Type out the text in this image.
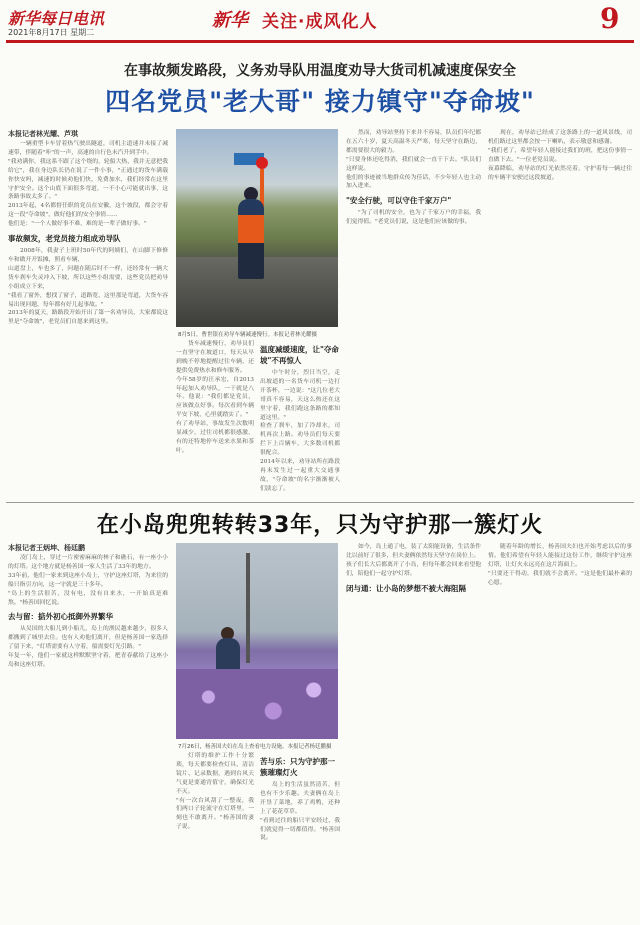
新华每日电讯
2021年8月17日 星期二
新华 关注·成风化人	9
在事故频发路段，义务劝导队用温度劝导大货司机减速度保安全
四名党员"老大哥" 接力镇守"夺命坡"
本报记者林光耀、芦琪

一辆重型卡车冒着热气驶出隧道，司机主道速并未接了减速带，伴随着"咔"的一声，高速的自行色未汽升到手中。
"我劝满你，我这系不跟了这个绕的，轮船大热，我并无意把我给它"，我在身边队长仍在说了一件小事，"正通过的货车满载你快安吗，减速的时候劝他们快，免费加水，我们经常在这里守护安全。这个山底下面很多弯道，一不小心可能就出事，这条路事故太多了。"
2013年起，4名都督任职的党员在安徽，这个坡段，都会守着这一段"夺命坡"，做好他们的安全事情……
他们是："一个人做好事不难，难的是一辈子做好事。"

事故频发，老党员接力组成劝导队

2008年，我妻子上班时50年代的阿姨们，在山脚下修修车和做开开饭摊，照看车辆，
山道盘上，车也多了，问题在随后时不一样，还经常有一辆大货车刹车失灵冲入下坡，所以这些小组需要，这些党员把劝导小组成立下来，
"我看了窗外，想找了窗子，道路宽，这里那是弯道，大货车容易出现问题，每年都有好几起事故。"
2013年的夏天，路路段开始开出了第一名劝导员，大家都说这里是"夺命坡"，老党员们自愿来到这里。

8月5日，曹世银在劝导车辆减速慢行。本报记者林光耀摄

货车减速慢行，劝导员们一直坚守在坡道口，每天从早到晚不停地提醒过往车辆，还提供免费热水和修车服务。
今年58岁的汪承宏，自2013年起加入劝导队，一干就是八年。他说："我们都是党员，应该做点好事。每次看到车辆平安下坡，心里就踏实了。"
有了劝导站，事故发生次数明显减少，过往司机都很感激，有的还特地停车送来水果和茶叶。

温度减缓速度，让"夺命坡"不再惊人

中午时分，烈日当空，走出坡道的一名货车司机一边打开茶杯，一边说："这几位老大哥真不容易，天这么热还在这里守着，我们跑这条路的都知道这里。"
检查了刹车，加了冷却水，司机再次上路。劝导员们每天要拦下上百辆车，大多数司机都很配合。
2014年以来，劝导站所在路段再未发生过一起重大交通事故，"夺命坡"的名字渐渐被人们淡忘了。

然而，劝导站坚持下来并不容易，队员们年纪都在五六十岁，夏天高温冬天严寒，每天坚守在路边，都需要很大的毅力。
"只要身体还吃得消，我们就会一直干下去。"队员们这样说。
他们的事迹被当地群众传为佳话，不少年轻人也主动加入进来。

"安全行驶，可以守住千家万户"

"为了司机的安全，也为了千家万户的幸福，我们觉得值。"老党员们说，这是他们应该做的事。

现在，劝导站已经成了这条路上的一道风景线，司机们路过这里都会按一下喇叭，表示敬意和感谢。
"我们老了，希望年轻人能接过我们的班，把这份事情一直做下去。"一位老党员说。
夜幕降临，劝导站的灯光依然亮着，守护着每一辆过往的车辆平安驶过这段坡道。

在小岛兜兜转转33年，只为守护那一簇灯火
本报记者王炳坤、杨廷鹏

凌门岛上，穿过一片密密麻麻的林子和礁石，有一座小小的灯塔。这个地方就是杨善国一家人生活了33年的地方。
33年前，他们一家来到这座小岛上，守护这座灯塔，为来往的船只指引方向，这一守就是三十多年。
"岛上的生活很苦，没有电，没有自来水，一开始真是难熬。"杨善国回忆说。

去与留：掂外初心抵御外界繁华

从吴国的大船儿到小船儿，岛上的渔民越来越少，很多人都搬到了城里去住。也有人劝他们离开，但是杨善国一家选择了留下来，"灯塔需要有人守着，船需要灯光引路。"
年复一年，他们一家就这样默默坚守着，把青春献给了这座小岛和这座灯塔。

7月26日，杨善国夫妇在岛上查看电力设施。本报记者杨廷鹏摄

灯塔的维护工作十分繁琐，每天都要检查灯具、清洁镜片、记录数据，遇到台风天气更是要通宵值守，确保灯光不灭。
"有一次台风刮了一整夜，我们两口子轮流守在灯塔里，一刻也不敢离开。"杨善国的妻子说。

苦与乐：只为守护那一簇璀璨灯火

岛上的生活虽然清苦，但也有不少乐趣。夫妻俩在岛上开垦了菜地，养了鸡鸭，还种上了花花草草。
"看到过往的船只平安经过，我们就觉得一切都值得。"杨善国说。

如今，岛上通了电，装了太阳能设备，生活条件比以前好了很多，但夫妻俩依然每天坚守在岗位上。
孩子们长大后都离开了小岛，但每年都会回来看望他们，陪他们一起守护灯塔。

闭与通：让小岛的梦想不被大海阻隔

随着年龄的增长，杨善国夫妇也开始考虑以后的事情。他们希望有年轻人能接过这份工作，继续守护这座灯塔，让灯火永远亮在这片海面上。
"只要还干得动，我们就不会离开。"这是他们最朴素的心愿。
